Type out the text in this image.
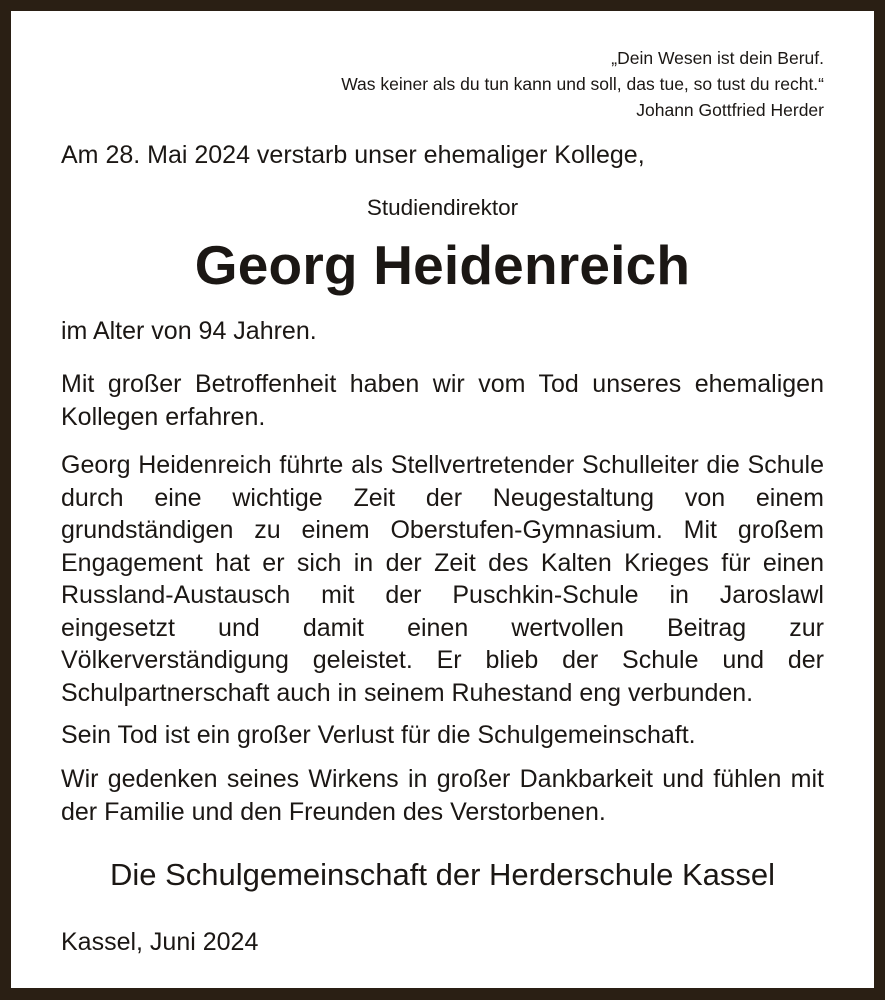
„Dein Wesen ist dein Beruf.
Was keiner als du tun kann und soll, das tue, so tust du recht.“
Johann Gottfried Herder
Am 28. Mai 2024 verstarb unser ehemaliger Kollege,
Studiendirektor
Georg Heidenreich
im Alter von 94 Jahren.

Mit großer Betroffenheit haben wir vom Tod unseres ehemaligen Kollegen erfahren.

Georg Heidenreich führte als Stellvertretender Schulleiter die Schule durch eine wichtige Zeit der Neugestaltung von einem grundständigen zu einem Oberstufen-Gymnasium. Mit großem Engagement hat er sich in der Zeit des Kalten Krieges für einen Russland-Austausch mit der Puschkin-Schule in Jaroslawl eingesetzt und damit einen wertvollen Beitrag zur Völkerverständigung geleistet. Er blieb der Schule und der Schulpartnerschaft auch in seinem Ruhestand eng verbunden.

Sein Tod ist ein großer Verlust für die Schulgemeinschaft.

Wir gedenken seines Wirkens in großer Dankbarkeit und fühlen mit der Familie und den Freunden des Verstorbenen.

Die Schulgemeinschaft der Herderschule Kassel
Kassel, Juni 2024
